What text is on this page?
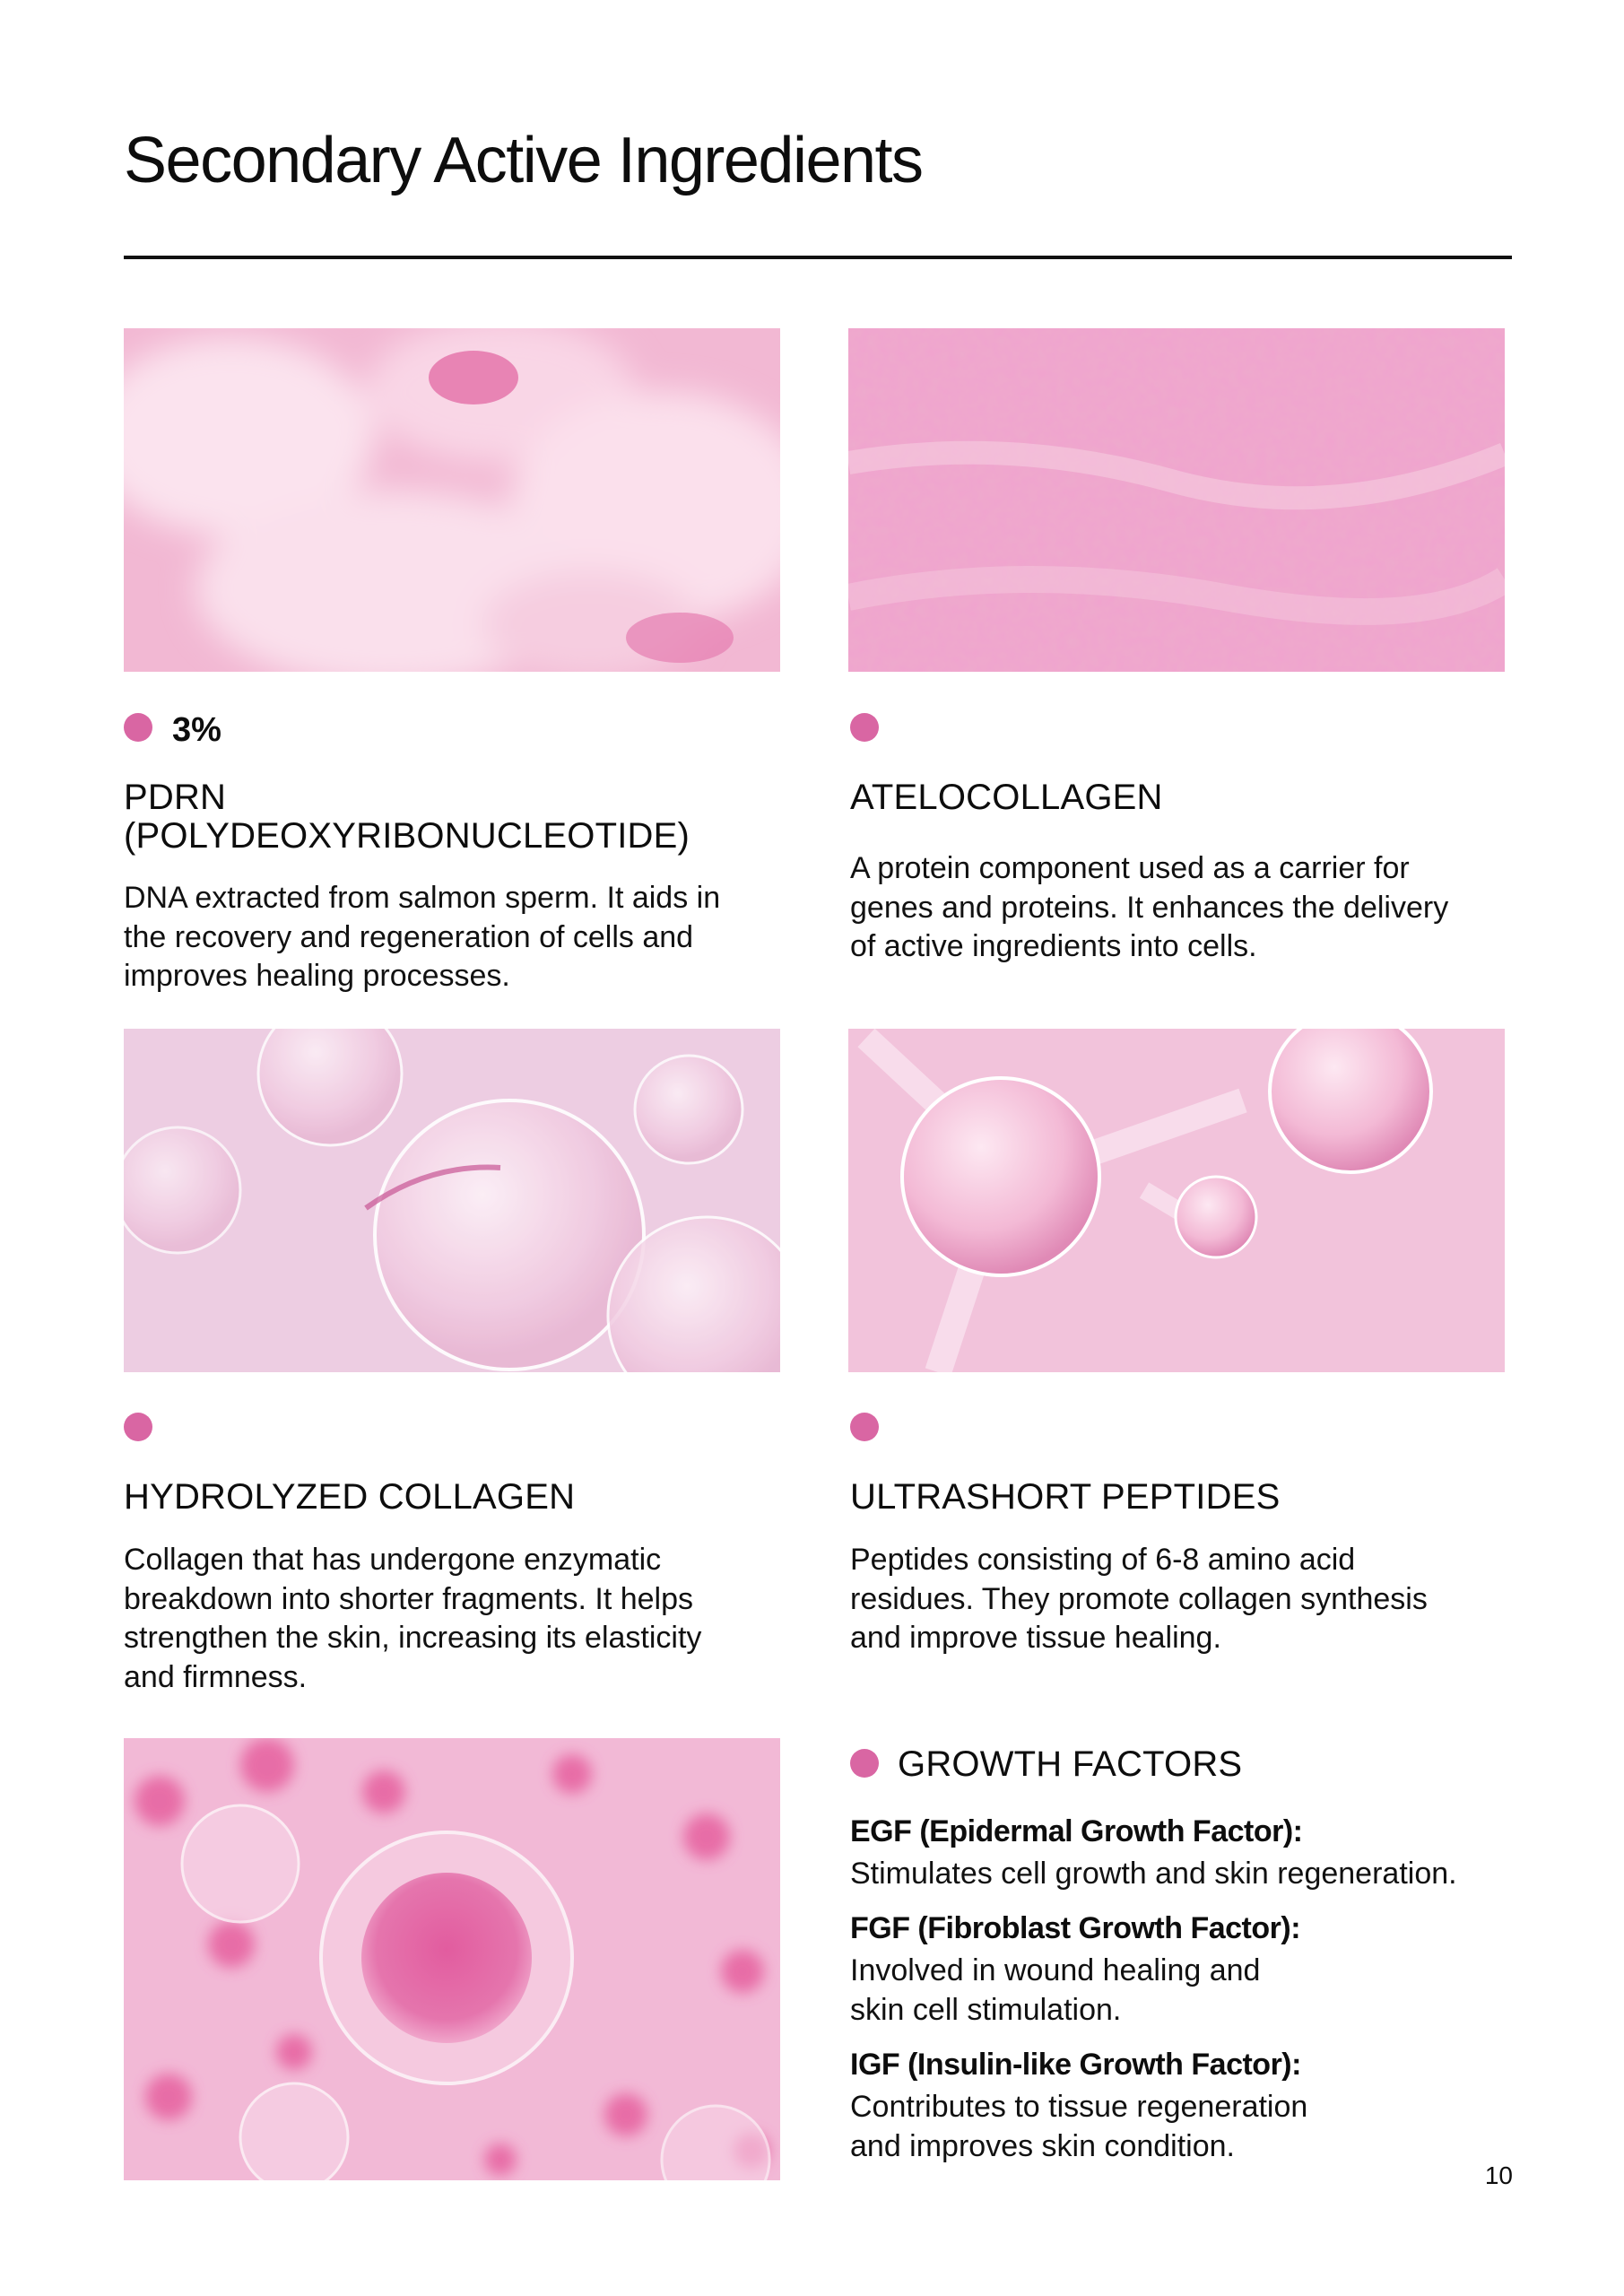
Secondary Active Ingredients
3%
PDRN (POLYDEOXYRIBONUCLEOTIDE)
DNA extracted from salmon sperm. It aids in the recovery and regeneration of cells and improves healing processes.
ATELOCOLLAGEN
A protein component used as a carrier for genes and proteins. It enhances the delivery of active ingredients into cells.
HYDROLYZED COLLAGEN
Collagen that has undergone enzymatic breakdown into shorter fragments. It helps strengthen the skin, increasing its elasticity and firmness.
ULTRASHORT PEPTIDES
Peptides consisting of 6-8 amino acid residues. They promote collagen synthesis and improve tissue healing.
GROWTH FACTORS
EGF (Epidermal Growth Factor):
Stimulates cell growth and skin regeneration.
FGF (Fibroblast Growth Factor):
Involved in wound healing and skin cell stimulation.
IGF (Insulin-like Growth Factor):
Contributes to tissue regeneration and improves skin condition.
10
